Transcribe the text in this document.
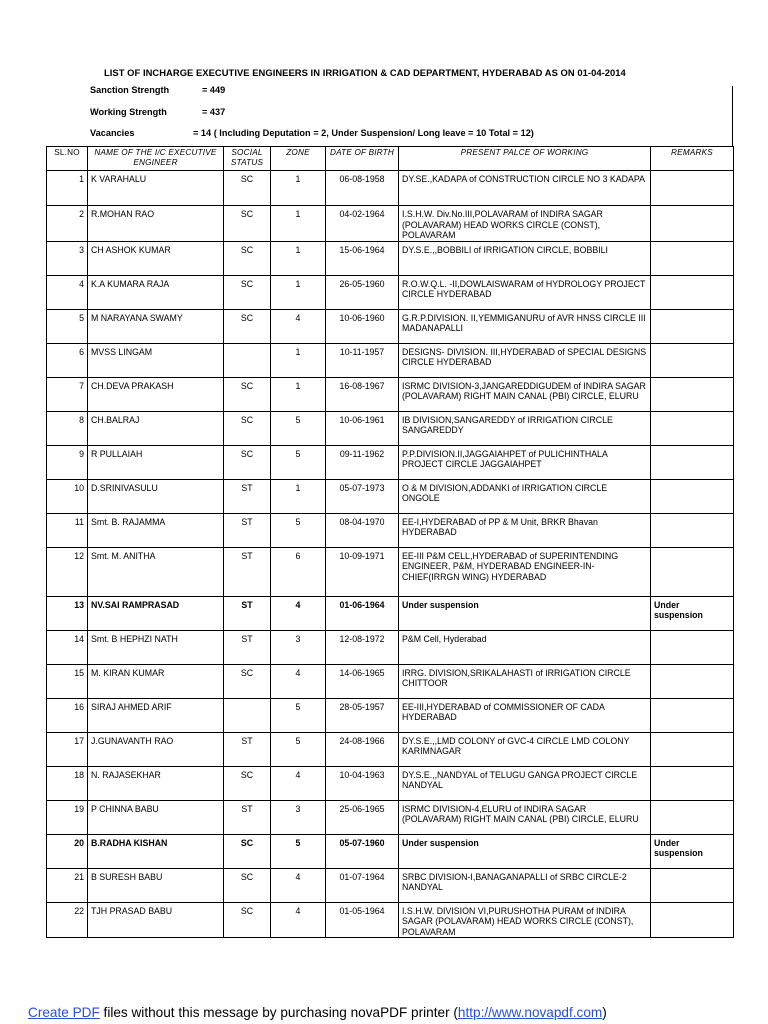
LIST OF INCHARGE EXECUTIVE ENGINEERS IN IRRIGATION & CAD DEPARTMENT, HYDERABAD AS ON 01-04-2014
Sanction Strength	= 449
Working Strength	= 437
Vacancies	= 14 ( Including Deputation = 2, Under Suspension/ Long leave = 10 Total = 12)
SL.NO	NAME OF THE I/C EXECUTIVE ENGINEER	SOCIAL STATUS	ZONE	DATE OF BIRTH	PRESENT PALCE OF WORKING	REMARKS
1	K VARAHALU	SC	1	06-08-1958	DY.SE.,KADAPA of CONSTRUCTION CIRCLE NO 3 KADAPA	
2	R.MOHAN RAO	SC	1	04-02-1964	I.S.H.W. Div.No.III,POLAVARAM of INDIRA SAGAR (POLAVARAM) HEAD WORKS CIRCLE (CONST), POLAVARAM	
3	CH ASHOK KUMAR	SC	1	15-06-1964	DY.S.E.,,BOBBILI of IRRIGATION CIRCLE, BOBBILI	
4	K.A KUMARA RAJA	SC	1	26-05-1960	R.O.W.Q.L. -II,DOWLAISWARAM of HYDROLOGY PROJECT CIRCLE HYDERABAD	
5	M NARAYANA SWAMY	SC	4	10-06-1960	G.R.P.DIVISION. II,YEMMIGANURU of AVR HNSS CIRCLE III MADANAPALLI	
6	MVSS LINGAM		1	10-11-1957	DESIGNS- DIVISION. III,HYDERABAD of SPECIAL DESIGNS CIRCLE HYDERABAD	
7	CH.DEVA PRAKASH	SC	1	16-08-1967	ISRMC DIVISION-3,JANGAREDDIGUDEM of INDIRA SAGAR (POLAVARAM) RIGHT MAIN CANAL (PBI) CIRCLE, ELURU	
8	CH.BALRAJ	SC	5	10-06-1961	IB DIVISION,SANGAREDDY of IRRIGATION CIRCLE SANGAREDDY	
9	R PULLAIAH	SC	5	09-11-1962	P.P.DIVISION.II,JAGGAIAHPET of PULICHINTHALA PROJECT CIRCLE JAGGAIAHPET	
10	D.SRINIVASULU	ST	1	05-07-1973	O & M DIVISION,ADDANKI of IRRIGATION CIRCLE ONGOLE	
11	Smt. B. RAJAMMA	ST	5	08-04-1970	EE-I,HYDERABAD of PP & M Unit, BRKR Bhavan HYDERABAD	
12	Smt. M. ANITHA	ST	6	10-09-1971	EE-III P&M CELL,HYDERABAD of SUPERINTENDING ENGINEER, P&M, HYDERABAD ENGINEER-IN-CHIEF(IRRGN WING) HYDERABAD	
13	NV.SAI RAMPRASAD	ST	4	01-06-1964	Under suspension	Under suspension
14	Smt. B HEPHZI NATH	ST	3	12-08-1972	P&M Cell, Hyderabad	
15	M. KIRAN KUMAR	SC	4	14-06-1965	IRRG. DIVISION,SRIKALAHASTI of IRRIGATION CIRCLE CHITTOOR	
16	SIRAJ AHMED ARIF		5	28-05-1957	EE-III,HYDERABAD of COMMISSIONER OF CADA HYDERABAD	
17	J.GUNAVANTH RAO	ST	5	24-08-1966	DY.S.E.,,LMD COLONY of GVC-4 CIRCLE LMD COLONY KARIMNAGAR	
18	N. RAJASEKHAR	SC	4	10-04-1963	DY.S.E.,,NANDYAL of TELUGU GANGA PROJECT CIRCLE NANDYAL	
19	P CHINNA BABU	ST	3	25-06-1965	ISRMC DIVISION-4,ELURU of INDIRA SAGAR (POLAVARAM) RIGHT MAIN CANAL (PBI) CIRCLE, ELURU	
20	B.RADHA KISHAN	SC	5	05-07-1960	Under suspension	Under suspension
21	B SURESH BABU	SC	4	01-07-1964	SRBC DIVISION-I,BANAGANAPALLI of SRBC CIRCLE-2 NANDYAL	
22	TJH PRASAD BABU	SC	4	01-05-1964	I.S.H.W. DIVISION VI,PURUSHOTHA PURAM of INDIRA SAGAR (POLAVARAM) HEAD WORKS CIRCLE (CONST), POLAVARAM	
Create PDF files without this message by purchasing novaPDF printer (http://www.novapdf.com)
